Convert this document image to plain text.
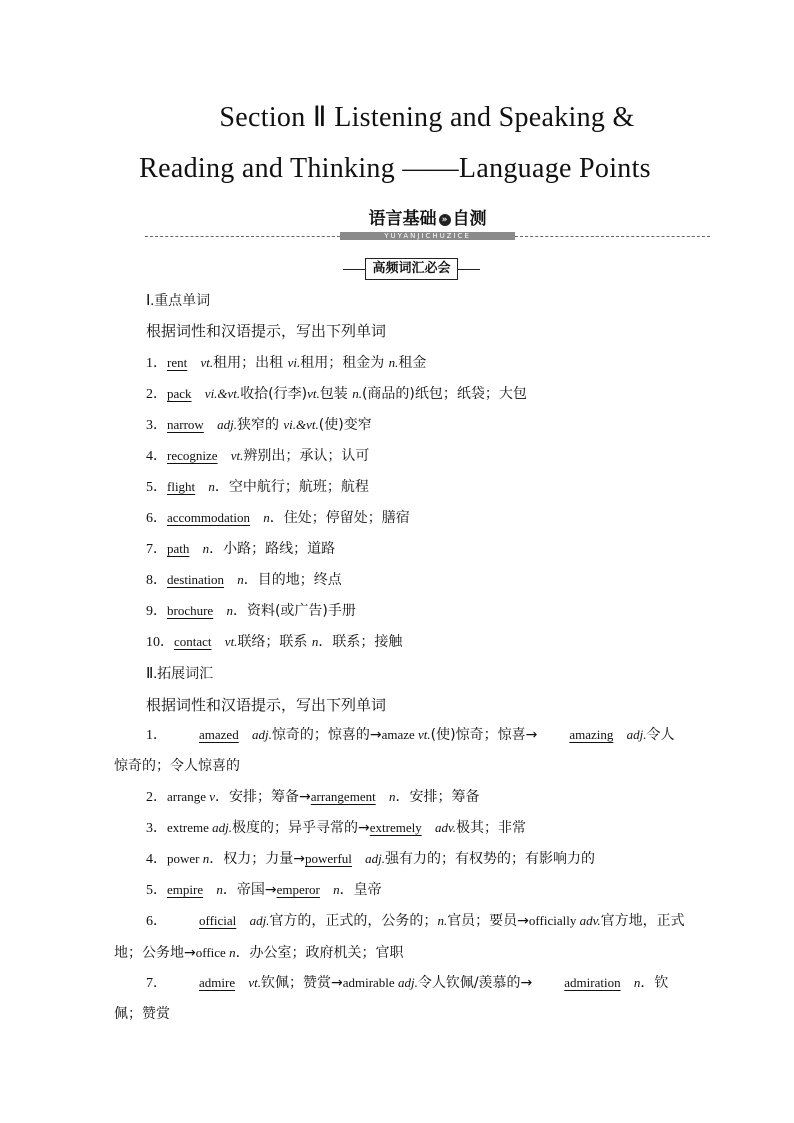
Section Ⅱ Listening and Speaking &
Reading and Thinking ——Language Points
YUYANJICHUZICE
语言基础 » 自测
高频词汇必会
Ⅰ.重点单词
根据词性和汉语提示，写出下列单词
1．rent vt.租用；出租 vi.租用；租金为 n.租金
2．pack vi.&vt.收拾(行李)vt.包装 n.(商品的)纸包；纸袋；大包
3．narrow adj.狭窄的 vi.&vt.(使)变窄
4．recognize vt.辨别出；承认；认可
5．flight n．空中航行；航班；航程
6．accommodation n．住处；停留处；膳宿
7．path n．小路；路线；道路
8．destination n．目的地；终点
9．brochure n．资料(或广告)手册
10．contact vt.联络；联系 n．联系；接触
Ⅱ.拓展词汇
根据词性和汉语提示，写出下列单词
1． amazed adj.惊奇的；惊喜的→amaze vt.(使)惊奇；惊喜→ amazing adj.令人惊奇的；令人惊喜的
2．arrange v．安排；筹备→arrangement n．安排；筹备
3．extreme adj.极度的；异乎寻常的→extremely adv.极其；非常
4．power n．权力；力量→powerful adj.强有力的；有权势的；有影响力的
5．empire n．帝国→emperor n．皇帝
6． official adj.官方的，正式的，公务的；n.官员；要员→officially adv.官方地，正式地；公务地→office n．办公室；政府机关；官职
7． admire vt.钦佩；赞赏→admirable adj.令人钦佩/羡慕的→ admiration n．钦佩；赞赏
